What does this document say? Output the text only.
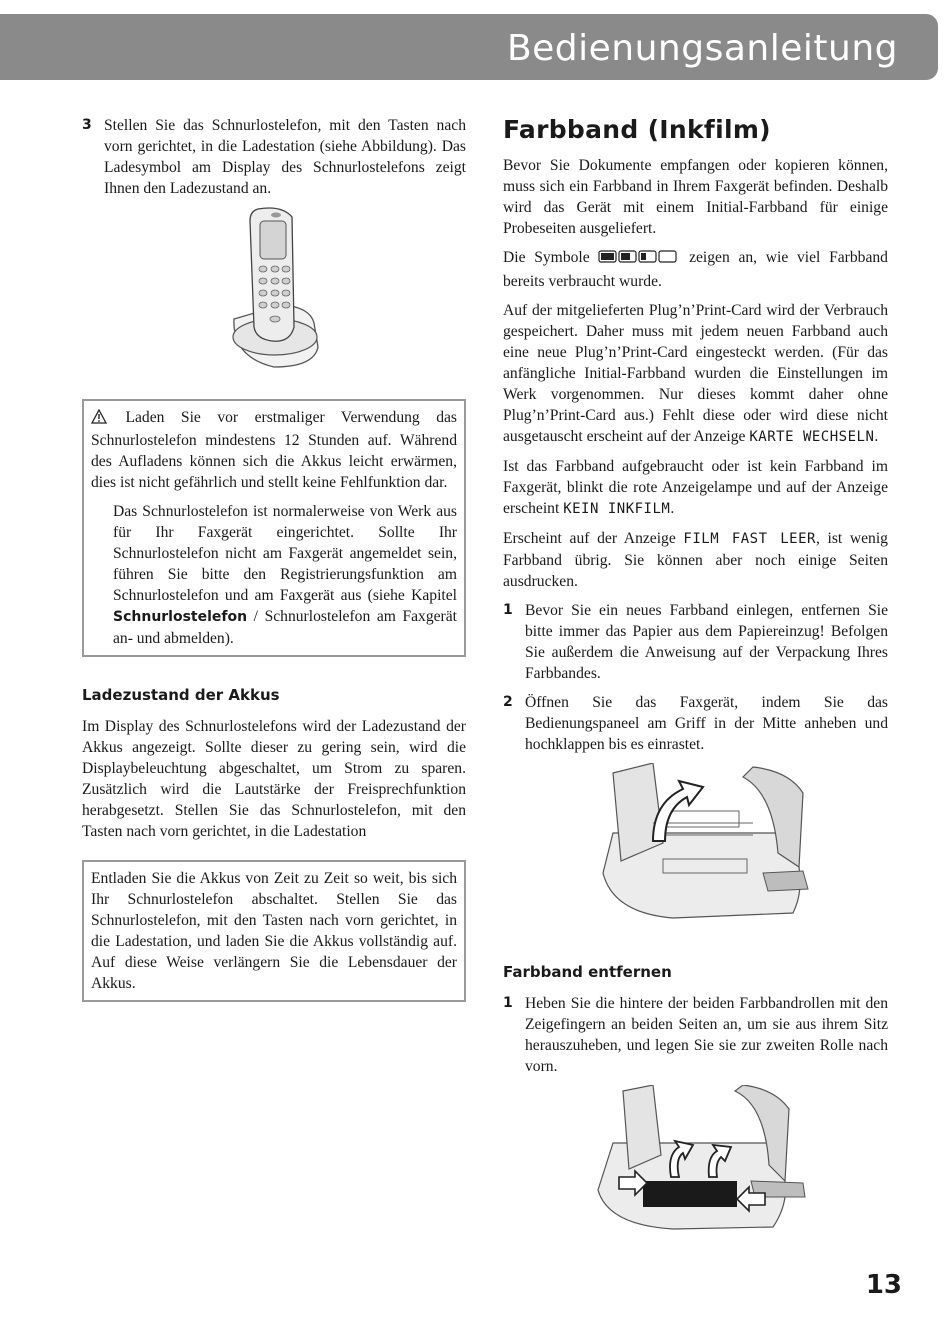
Bedienungsanleitung
3 Stellen Sie das Schnurlostelefon, mit den Tasten nach vorn gerichtet, in die Ladestation (siehe Abbildung). Das Ladesymbol am Display des Schnurlostelefons zeigt Ihnen den Ladezustand an.

Laden Sie vor erstmaliger Verwendung das Schnurlostelefon mindestens 12 Stunden auf. Während des Aufladens können sich die Akkus leicht erwärmen, dies ist nicht gefährlich und stellt keine Fehlfunktion dar.

Das Schnurlostelefon ist normalerweise von Werk aus für Ihr Faxgerät eingerichtet. Sollte Ihr Schnurlostelefon nicht am Faxgerät angemeldet sein, führen Sie bitte den Registrierungsfunktion am Schnurlostelefon und am Faxgerät aus (siehe Kapitel Schnurlostelefon / Schnurlostelefon am Faxgerät an- und abmelden).

Ladezustand der Akkus

Im Display des Schnurlostelefons wird der Ladezustand der Akkus angezeigt. Sollte dieser zu gering sein, wird die Displaybeleuchtung abgeschaltet, um Strom zu sparen. Zusätzlich wird die Lautstärke der Freisprechfunktion herabgesetzt. Stellen Sie das Schnurlostelefon, mit den Tasten nach vorn gerichtet, in die Ladestation

Entladen Sie die Akkus von Zeit zu Zeit so weit, bis sich Ihr Schnurlostelefon abschaltet. Stellen Sie das Schnurlostelefon, mit den Tasten nach vorn gerichtet, in die Ladestation, und laden Sie die Akkus vollständig auf. Auf diese Weise verlängern Sie die Lebensdauer der Akkus.

Farbband (Inkfilm)

Bevor Sie Dokumente empfangen oder kopieren können, muss sich ein Farbband in Ihrem Faxgerät befinden. Deshalb wird das Gerät mit einem Initial-Farbband für einige Probeseiten ausgeliefert.

Die Symbole	zeigen an, wie viel Farbband bereits verbraucht wurde.

Auf der mitgelieferten Plug’n’Print-Card wird der Verbrauch gespeichert. Daher muss mit jedem neuen Farbband auch eine neue Plug’n’Print-Card eingesteckt werden. (Für das anfängliche Initial-Farbband wurden die Einstellungen im Werk vorgenommen. Nur dieses kommt daher ohne Plug’n’Print-Card aus.) Fehlt diese oder wird diese nicht ausgetauscht erscheint auf der Anzeige KARTE WECHSELN.

Ist das Farbband aufgebraucht oder ist kein Farbband im Faxgerät, blinkt die rote Anzeigelampe und auf der Anzeige erscheint KEIN INKFILM.

Erscheint auf der Anzeige FILM FAST LEER, ist wenig Farbband übrig. Sie können aber noch einige Seiten ausdrucken.

1 Bevor Sie ein neues Farbband einlegen, entfernen Sie bitte immer das Papier aus dem Papiereinzug! Befolgen Sie außerdem die Anweisung auf der Verpackung Ihres Farbbandes.
2 Öffnen Sie das Faxgerät, indem Sie das Bedienungspaneel am Griff in der Mitte anheben und hochklappen bis es einrastet.
Farbband entfernen
1 Heben Sie die hintere der beiden Farbbandrollen mit den Zeigefingern an beiden Seiten an, um sie aus ihrem Sitz herauszuheben, und legen Sie sie zur zweiten Rolle nach vorn.
13
